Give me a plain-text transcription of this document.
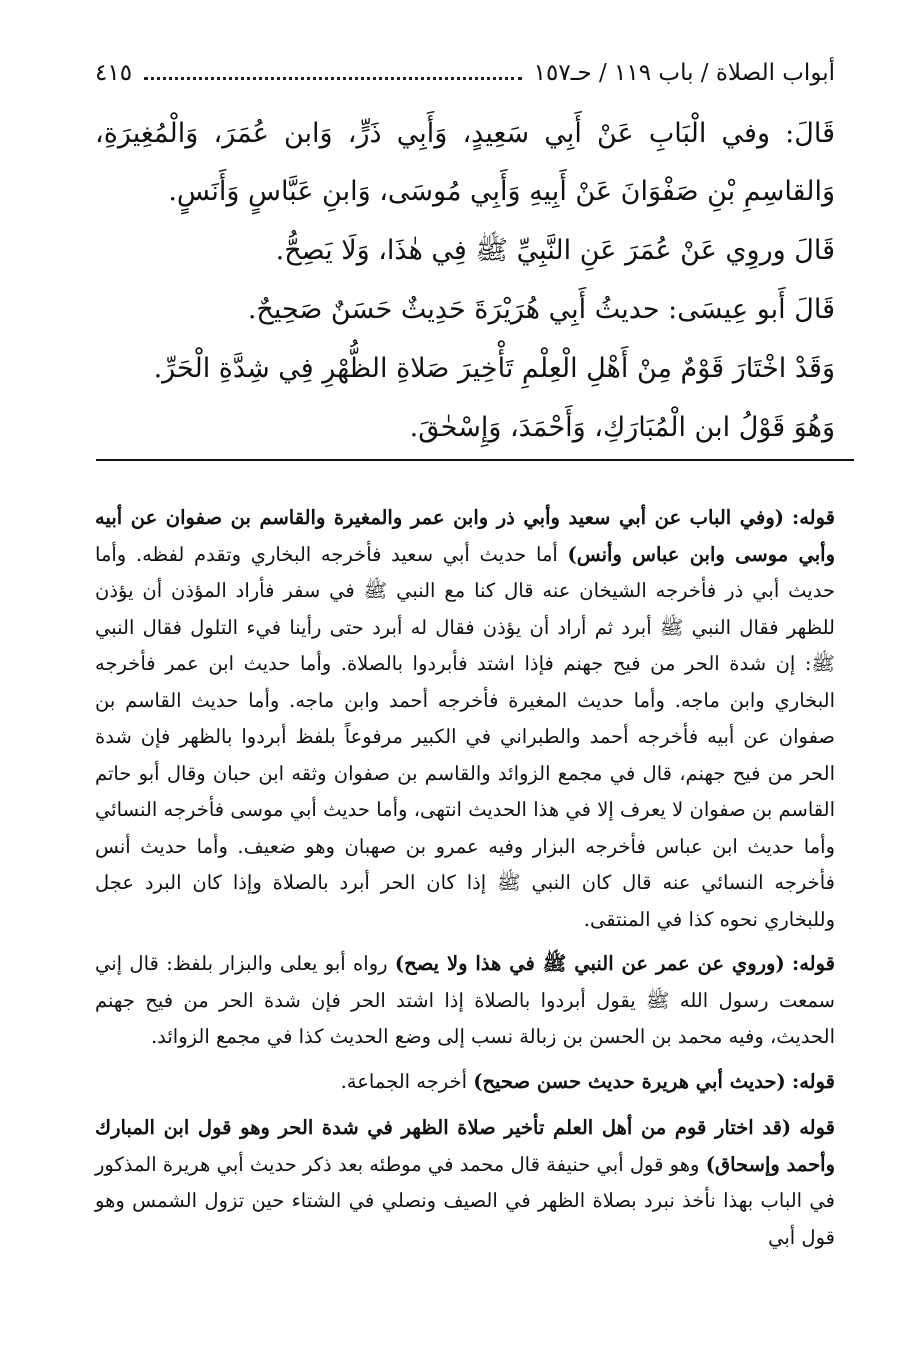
أبواب الصلاة / باب ١١٩ / حـ١٥٧
٤١٥

قَالَ: وفي الْبَابِ عَنْ أَبِي سَعِيدٍ، وَأَبِي ذَرٍّ، وَابن عُمَرَ، وَالْمُغِيرَةِ، وَالقاسِمِ بْنِ صَفْوَانَ عَنْ أَبِيهِ وَأَبِي مُوسَى، وَابنِ عَبَّاسٍ وَأَنَسٍ.

قَالَ وروِي عَنْ عُمَرَ عَنِ النَّبِيِّ ﷺ فِي هٰذَا، وَلَا يَصِحُّ.

قَالَ أَبو عِيسَى: حديثُ أَبِي هُرَيْرَةَ حَدِيثٌ حَسَنٌ صَحِيحٌ.

وَقَدْ اخْتَارَ قَوْمٌ مِنْ أَهْلِ الْعِلْمِ تَأْخِيرَ صَلاةِ الظُّهْرِ فِي شِدَّةِ الْحَرِّ.

وَهُوَ قَوْلُ ابن الْمُبَارَكِ، وَأَحْمَدَ، وَإِسْحٰقَ.

قوله: (وفي الباب عن أبي سعيد وأبي ذر وابن عمر والمغيرة والقاسم بن صفوان عن أبيه وأبي موسى وابن عباس وأنس) أما حديث أبي سعيد فأخرجه البخاري وتقدم لفظه. وأما حديث أبي ذر فأخرجه الشيخان عنه قال كنا مع النبي ﷺ في سفر فأراد المؤذن أن يؤذن للظهر فقال النبي ﷺ أبرد ثم أراد أن يؤذن فقال له أبرد حتى رأينا فيء التلول فقال النبي ﷺ: إن شدة الحر من فيح جهنم فإذا اشتد فأبردوا بالصلاة. وأما حديث ابن عمر فأخرجه البخاري وابن ماجه. وأما حديث المغيرة فأخرجه أحمد وابن ماجه. وأما حديث القاسم بن صفوان عن أبيه فأخرجه أحمد والطبراني في الكبير مرفوعاً بلفظ أبردوا بالظهر فإن شدة الحر من فيح جهنم، قال في مجمع الزوائد والقاسم بن صفوان وثقه ابن حبان وقال أبو حاتم القاسم بن صفوان لا يعرف إلا في هذا الحديث انتهى، وأما حديث أبي موسى فأخرجه النسائي وأما حديث ابن عباس فأخرجه البزار وفيه عمرو بن صهبان وهو ضعيف. وأما حديث أنس فأخرجه النسائي عنه قال كان النبي ﷺ إذا كان الحر أبرد بالصلاة وإذا كان البرد عجل وللبخاري نحوه كذا في المنتقى.

قوله: (وروي عن عمر عن النبي ﷺ في هذا ولا يصح) رواه أبو يعلى والبزار بلفظ: قال إني سمعت رسول الله ﷺ يقول أبردوا بالصلاة إذا اشتد الحر فإن شدة الحر من فيح جهنم الحديث، وفيه محمد بن الحسن بن زبالة نسب إلى وضع الحديث كذا في مجمع الزوائد.

قوله: (حديث أبي هريرة حديث حسن صحيح) أخرجه الجماعة.

قوله (قد اختار قوم من أهل العلم تأخير صلاة الظهر في شدة الحر وهو قول ابن المبارك وأحمد وإسحاق) وهو قول أبي حنيفة قال محمد في موطئه بعد ذكر حديث أبي هريرة المذكور في الباب بهذا نأخذ نبرد بصلاة الظهر في الصيف ونصلي في الشتاء حين تزول الشمس وهو قول أبي
